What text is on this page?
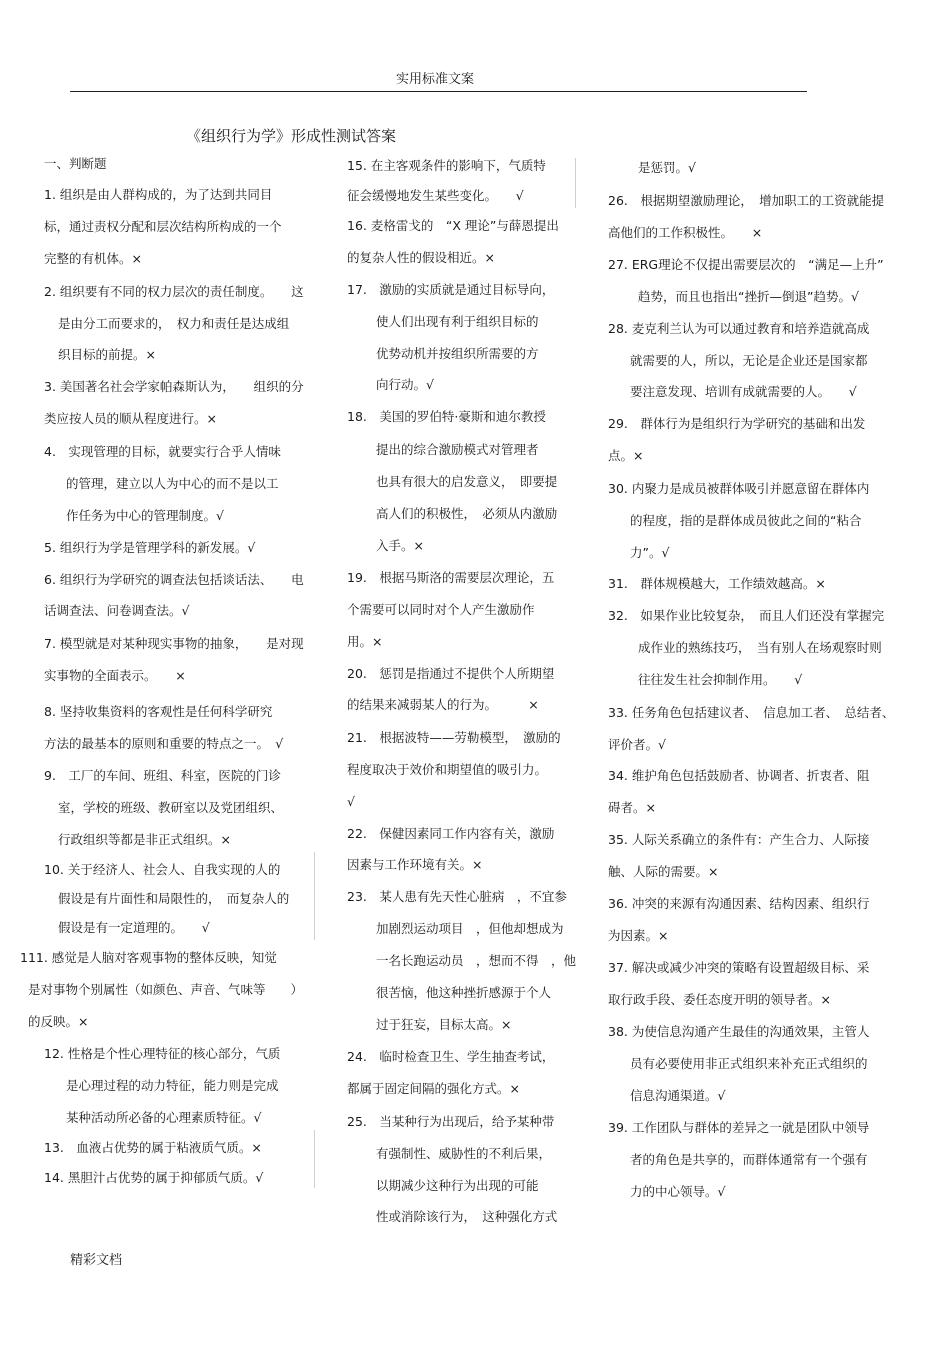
实用标准文案
《组织行为学》形成性测试答案
一、判断题
1. 组织是由人群构成的，为了达到共同目
标，通过责权分配和层次结构所构成的一个
完整的有机体。×
2. 组织要有不同的权力层次的责任制度。　　这
是由分工而要求的，　权力和责任是达成组
织目标的前提。×
3. 美国著名社会学家帕森斯认为，　　组织的分
类应按人员的顺从程度进行。×
4.　实现管理的目标，就要实行合乎人情味
的管理，建立以人为中心的而不是以工
作任务为中心的管理制度。√
5. 组织行为学是管理学科的新发展。√
6. 组织行为学研究的调查法包括谈话法、　　电
话调查法、问卷调查法。√
7. 模型就是对某种现实事物的抽象，　　是对现
实事物的全面表示。　　×
8. 坚持收集资料的客观性是任何科学研究
方法的最基本的原则和重要的特点之一。　√
9.　工厂的车间、班组、科室，医院的门诊
室，学校的班级、教研室以及党团组织、
行政组织等都是非正式组织。×
10. 关于经济人、社会人、自我实现的人的
假设是有片面性和局限性的，　而复杂人的
假设是有一定道理的。　　√
111. 感觉是人脑对客观事物的整体反映，知觉
是对事物个别属性（如颜色、声音、气味等　　）
的反映。×
12. 性格是个性心理特征的核心部分，气质
是心理过程的动力特征，能力则是完成
某种活动所必备的心理素质特征。√
13.　血液占优势的属于粘液质气质。×
14. 黑胆汁占优势的属于抑郁质气质。√
15. 在主客观条件的影响下，气质特
征会缓慢地发生某些变化。　　√
16. 麦格雷戈的　“X 理论”与薛恩提出
的复杂人性的假设相近。×
17.　激励的实质就是通过目标导向，
使人们出现有利于组织目标的
优势动机并按组织所需要的方
向行动。√
18.　美国的罗伯特·豪斯和迪尔教授
提出的综合激励模式对管理者
也具有很大的启发意义，　即要提
高人们的积极性，　必须从内激励
入手。×
19.　根据马斯洛的需要层次理论，五
个需要可以同时对个人产生激励作
用。×
20.　惩罚是指通过不提供个人所期望
的结果来减弱某人的行为。　　　×
21.　根据波特——劳勒模型，　激励的
程度取决于效价和期望值的吸引力。
√
22.　保健因素同工作内容有关，激励
因素与工作环境有关。×
23.　某人患有先天性心脏病　，不宜参
加剧烈运动项目　，但他却想成为
一名长跑运动员　，想而不得　，他
很苦恼，他这种挫折感源于个人
过于狂妄，目标太高。×
24.　临时检查卫生、学生抽查考试，
都属于固定间隔的强化方式。×
25.　当某种行为出现后，给予某种带
有强制性、威胁性的不利后果，
以期减少这种行为出现的可能
性或消除该行为，　这种强化方式
是惩罚。√
26.　根据期望激励理论，　增加职工的工资就能提
高他们的工作积极性。　　×
27. ERG理论不仅提出需要层次的　“满足—上升”
趋势，而且也指出“挫折—倒退”趋势。√
28. 麦克利兰认为可以通过教育和培养造就高成
就需要的人，所以，无论是企业还是国家都
要注意发现、培训有成就需要的人。　　√
29.　群体行为是组织行为学研究的基础和出发
点。×
30. 内聚力是成员被群体吸引并愿意留在群体内
的程度，指的是群体成员彼此之间的“粘合
力”。√
31.　群体规模越大，工作绩效越高。×
32.　如果作业比较复杂，　而且人们还没有掌握完
成作业的熟练技巧，　当有别人在场观察时则
往往发生社会抑制作用。　　√
33. 任务角色包括建议者、　信息加工者、　总结者、
评价者。√
34. 维护角色包括鼓励者、协调者、折衷者、阻
碍者。×
35. 人际关系确立的条件有：产生合力、人际接
触、人际的需要。×
36. 冲突的来源有沟通因素、结构因素、组织行
为因素。×
37. 解决或减少冲突的策略有设置超级目标、采
取行政手段、委任态度开明的领导者。×
38. 为使信息沟通产生最佳的沟通效果，主管人
员有必要使用非正式组织来补充正式组织的
信息沟通渠道。√
39. 工作团队与群体的差异之一就是团队中领导
者的角色是共享的，而群体通常有一个强有
力的中心领导。√
精彩文档
